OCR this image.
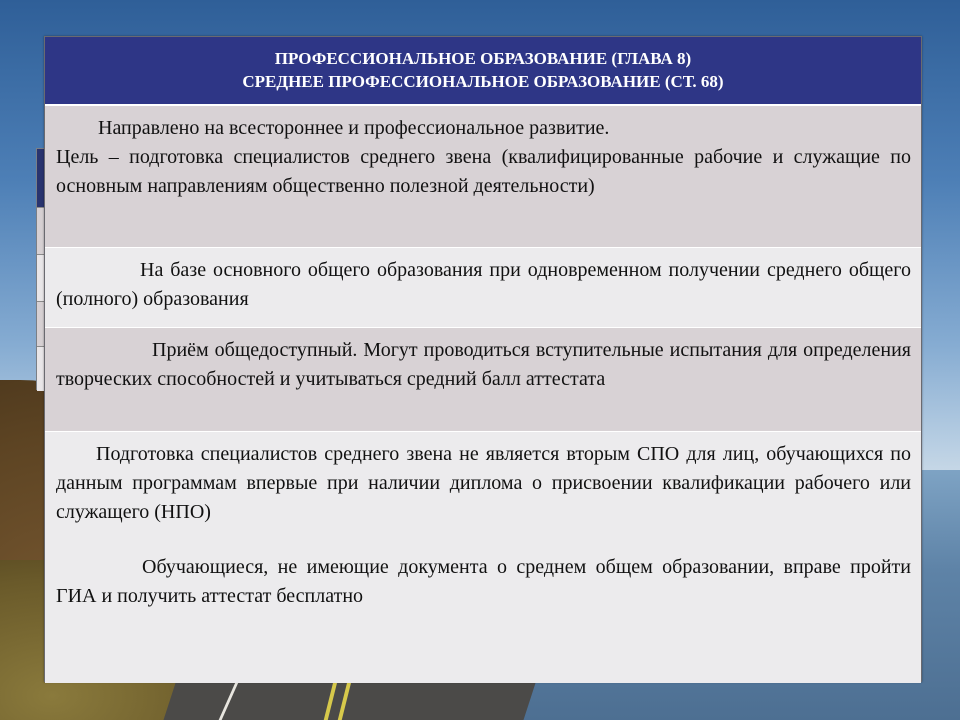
ПРОФЕССИОНАЛЬНОЕ ОБРАЗОВАНИЕ (ГЛАВА 8)
СРЕДНЕЕ ПРОФЕССИОНАЛЬНОЕ ОБРАЗОВАНИЕ (СТ. 68)

Направлено на всестороннее и профессиональное развитие.

Цель – подготовка специалистов среднего звена (квалифицированные рабочие и служащие по основным направлениям общественно полезной деятельности)

На базе основного общего образования при одновременном получении среднего общего (полного) образования

Приём общедоступный. Могут проводиться вступительные испытания для определения творческих способностей и учитываться средний балл аттестата

Подготовка специалистов среднего звена не является вторым СПО для лиц, обучающихся по данным программам впервые при наличии диплома о присвоении квалификации рабочего или служащего (НПО)

Обучающиеся, не имеющие документа о среднем общем образовании, вправе пройти ГИА и получить аттестат бесплатно
